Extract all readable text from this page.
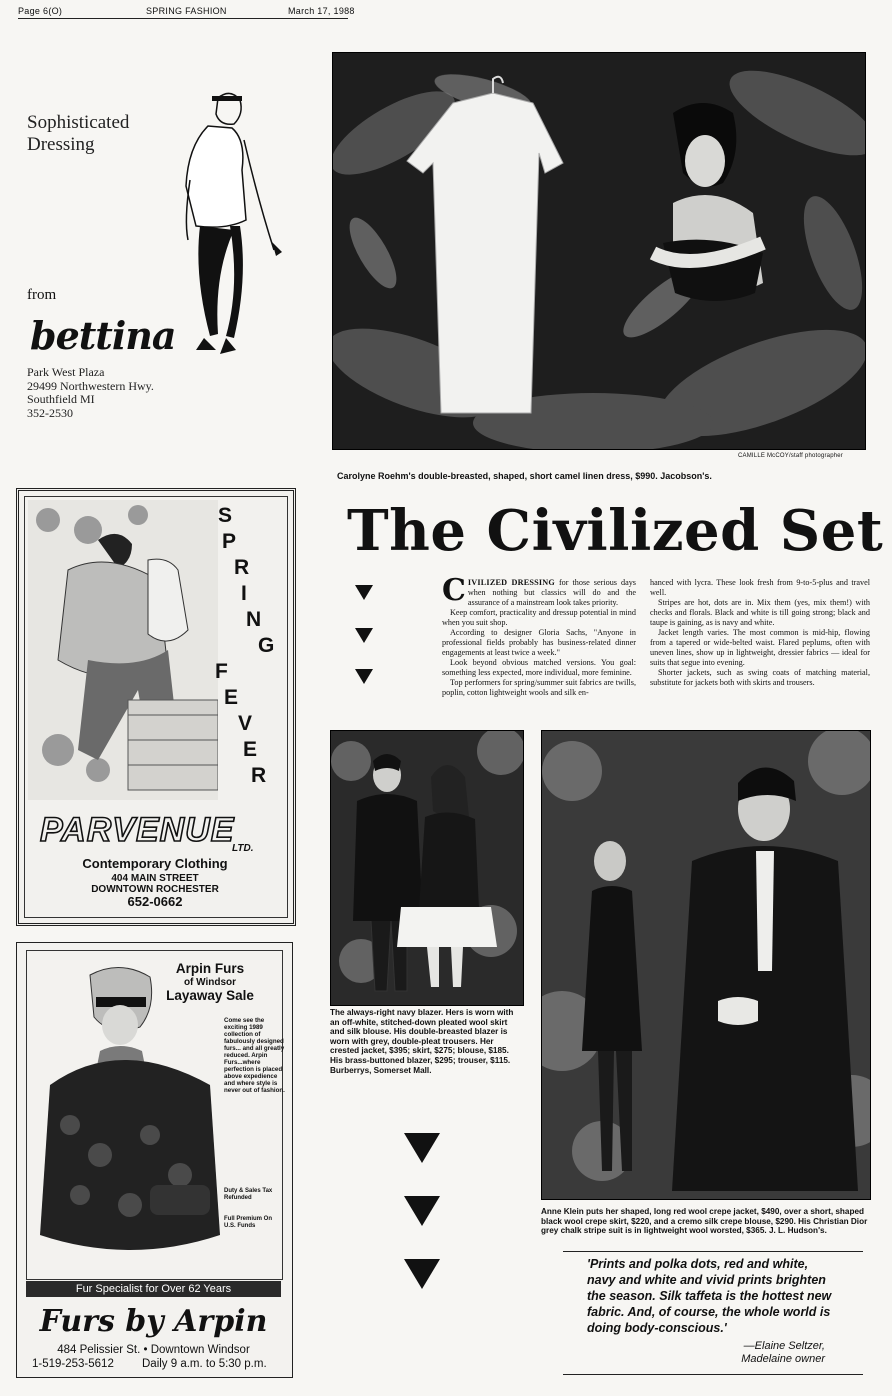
Page 6(O)	SPRING FASHION	March 17, 1988
Sophisticated
Dressing
from
bettina
Park West Plaza
29499 Northwestern Hwy.
Southfield MI
352-2530
CAMILLE McCOY/staff photographer
Carolyne Roehm's double-breasted, shaped, short camel linen dress, $990. Jacobson's.
The Civilized Set

CIVILIZED DRESSING for those serious days when nothing but classics will do and the assurance of a mainstream look takes priority.

Keep comfort, practicality and dressup potential in mind when you suit shop.

According to designer Gloria Sachs, "Anyone in professional fields probably has business-related dinner engagements at least twice a week."

Look beyond obvious matched versions. You goal: something less expected, more individual, more feminine.

Top performers for spring/summer suit fabrics are twills, poplin, cotton lightweight wools and silk en-

hanced with lycra. These look fresh from 9-to-5-plus and travel well.

Stripes are hot, dots are in. Mix them (yes, mix them!) with checks and florals. Black and white is till going strong; black and taupe is gaining, as is navy and white.

Jacket length varies. The most common is mid-hip, flowing from a tapered or wide-belted waist. Flared peplums, often with uneven lines, show up in lightweight, dressier fabrics — ideal for suits that segue into evening.

Shorter jackets, such as swing coats of matching material, substitute for jackets both with skirts and trousers.

S
P
R
I
N
G
F
E
V
E
R
PARVENUE
LTD.
Contemporary Clothing
404 MAIN STREET
DOWNTOWN ROCHESTER
652-0662
Arpin Furs
of Windsor
Layaway Sale
Come see the exciting 1989 collection of fabulously designed furs... and all greatly reduced. Arpin Furs...where perfection is placed above expedience and where style is never out of fashion.
Duty & Sales Tax Refunded
Full Premium On U.S. Funds
Fur Specialist for Over 62 Years
Furs by Arpin
484 Pelissier St. • Downtown Windsor
1-519-253-5612 Daily 9 a.m. to 5:30 p.m.
The always-right navy blazer. Hers is worn with an off-white, stitched-down pleated wool skirt and silk blouse. His double-breasted blazer is worn with grey, double-pleat trousers. Her crested jacket, $395; skirt, $275; blouse, $185. His brass-buttoned blazer, $295; trouser, $115. Burberrys, Somerset Mall.
Anne Klein puts her shaped, long red wool crepe jacket, $490, over a short, shaped black wool crepe skirt, $220, and a cremo silk crepe blouse, $290. His Christian Dior grey chalk stripe suit is in lightweight wool worsted, $365. J. L. Hudson's.
'Prints and polka dots, red and white, navy and white and vivid prints brighten the season. Silk taffeta is the hottest new fabric. And, of course, the whole world is doing body-conscious.'
—Elaine Seltzer,
Madelaine owner
